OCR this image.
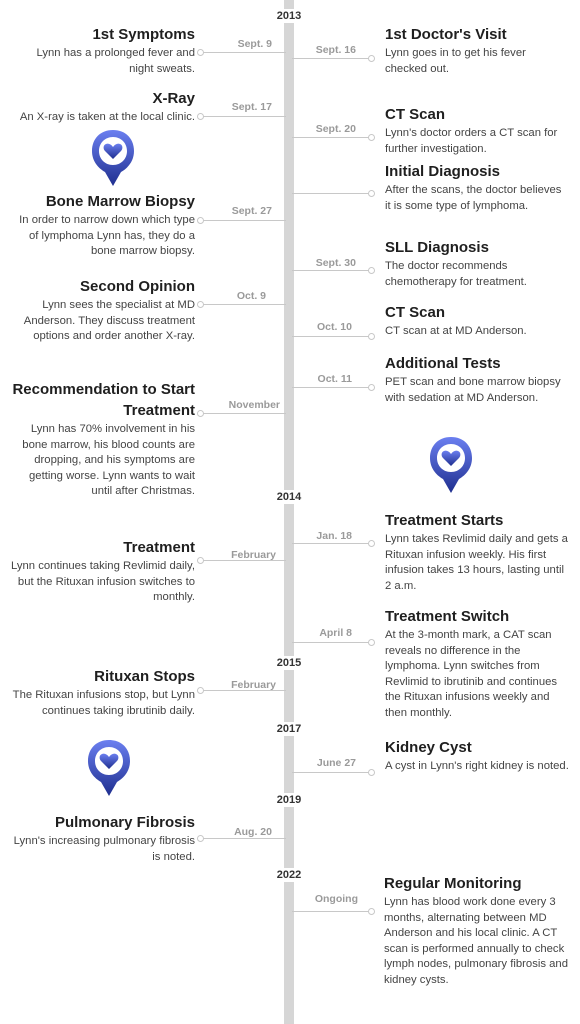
2013
2014
2015
2017
2019
2022
Sept. 9
1st Symptoms
Lynn has a prolonged fever and night sweats.
Sept. 17
X-Ray
An X-ray is taken at the local clinic.
Sept. 27
Bone Marrow Biopsy
In order to narrow down which type of lymphoma Lynn has, they do a bone marrow biopsy.
Oct. 9
Second Opinion
Lynn sees the specialist at MD Anderson. They discuss treatment options and order another X-ray.
November
Recommendation to Start Treatment
Lynn has 70% involvement in his bone marrow, his blood counts are dropping, and his symptoms are getting worse. Lynn wants to wait until after Christmas.
February
Treatment
Lynn continues taking Revlimid daily, but the Rituxan infusion switches to monthly.
February
Rituxan Stops
The Rituxan infusions stop, but Lynn continues taking ibrutinib daily.
Aug. 20
Pulmonary Fibrosis
Lynn's increasing pulmonary fibrosis is noted.
Sept. 16
1st Doctor's Visit
Lynn goes in to get his fever checked out.
Sept. 20
CT Scan
Lynn's doctor orders a CT scan for further investigation.
Initial Diagnosis
After the scans, the doctor believes it is some type of lymphoma.
Sept. 30
SLL Diagnosis
The doctor recommends chemotherapy for treatment.
Oct. 10
CT Scan
CT scan at at MD Anderson.
Oct. 11
Additional Tests
PET scan and bone marrow biopsy with sedation at MD Anderson.
Jan. 18
Treatment Starts
Lynn takes Revlimid daily and gets a Rituxan infusion weekly. His first infusion takes 13 hours, lasting until 2 a.m.
April 8
Treatment Switch
At the 3-month mark, a CAT scan reveals no difference in the lymphoma. Lynn switches from Revlimid to ibrutinib and continues the Rituxan infusions weekly and then monthly.
June 27
Kidney Cyst
A cyst in Lynn's right kidney is noted.
Ongoing
Regular Monitoring
Lynn has blood work done every 3 months, alternating between MD Anderson and his local clinic. A CT scan is performed annually to check lymph nodes, pulmonary fibrosis and kidney cysts.
